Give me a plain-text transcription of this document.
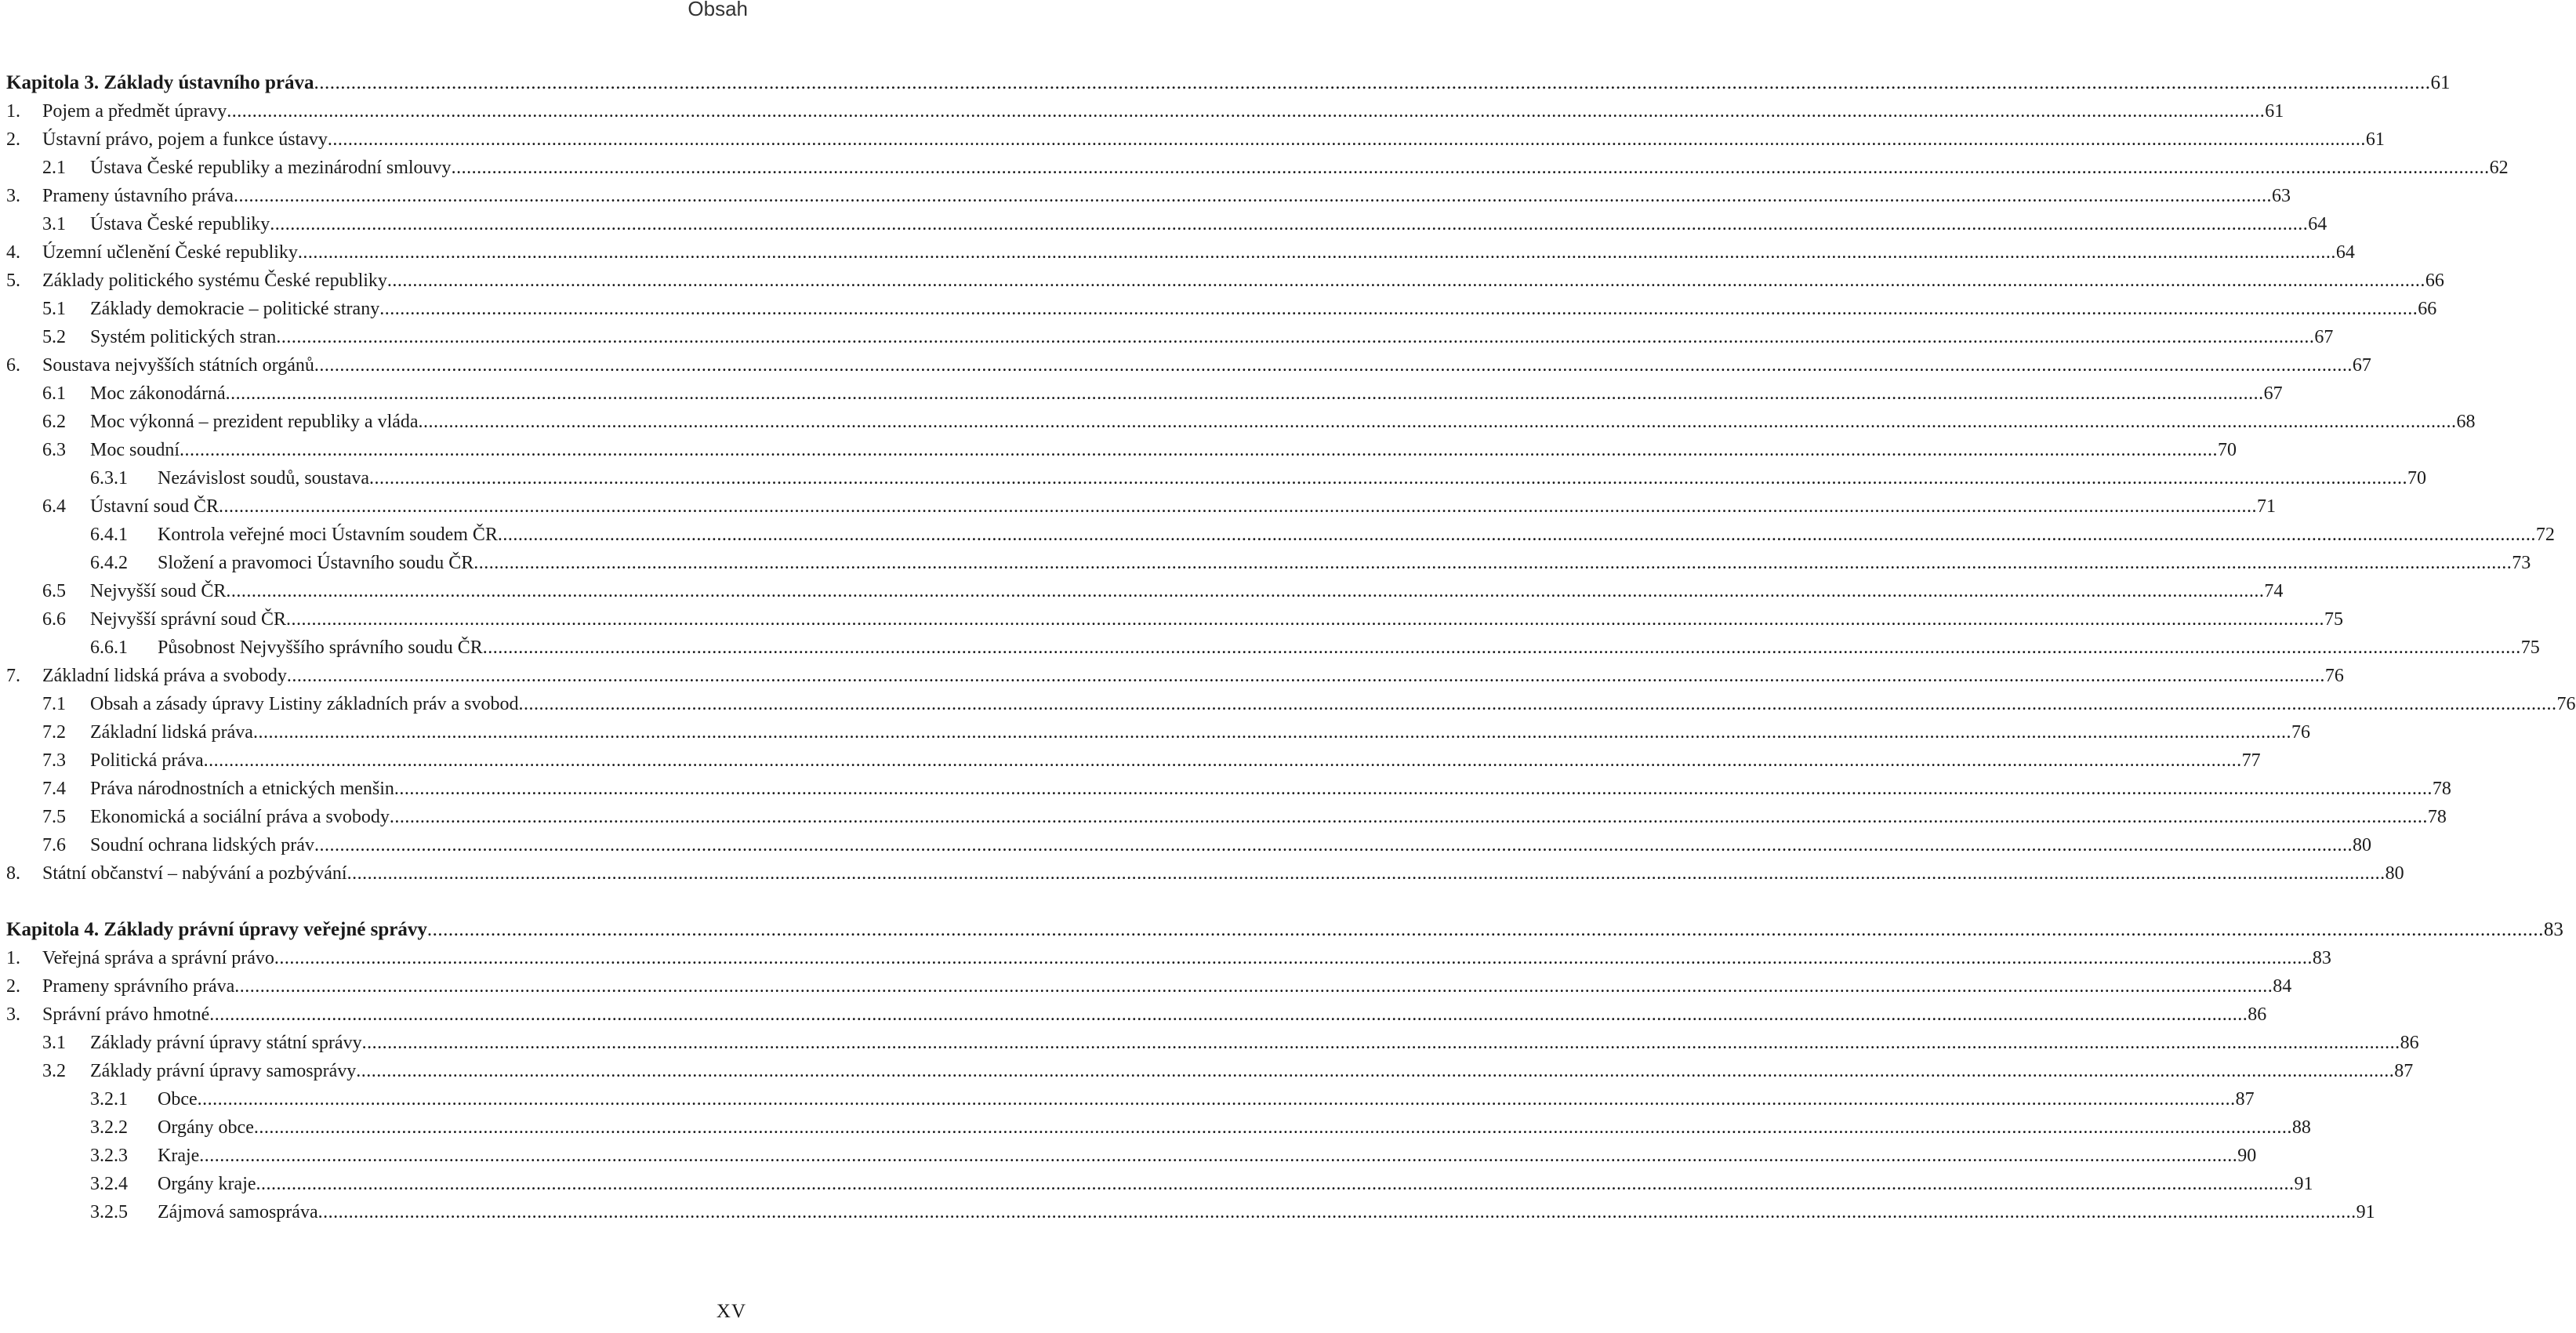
Obsah
Kapitola 3. Základy ústavního práva ................................................................................................................................................................................................................................................................................................................................................................................................................ 61
1. Pojem a předmět úpravy ................................................................................................................................................................................................................................................................................................................................................................................................................ 61
2. Ústavní právo, pojem a funkce ústavy ................................................................................................................................................................................................................................................................................................................................................................................................................ 61
2.1 Ústava České republiky a mezinárodní smlouvy ................................................................................................................................................................................................................................................................................................................................................................................................................ 62
3. Prameny ústavního práva ................................................................................................................................................................................................................................................................................................................................................................................................................ 63
3.1 Ústava České republiky ................................................................................................................................................................................................................................................................................................................................................................................................................ 64
4. Územní učlenění České republiky ................................................................................................................................................................................................................................................................................................................................................................................................................ 64
5. Základy politického systému České republiky ................................................................................................................................................................................................................................................................................................................................................................................................................ 66
5.1 Základy demokracie – politické strany ................................................................................................................................................................................................................................................................................................................................................................................................................ 66
5.2 Systém politických stran ................................................................................................................................................................................................................................................................................................................................................................................................................ 67
6. Soustava nejvyšších státních orgánů ................................................................................................................................................................................................................................................................................................................................................................................................................ 67
6.1 Moc zákonodárná ................................................................................................................................................................................................................................................................................................................................................................................................................ 67
6.2 Moc výkonná – prezident republiky a vláda ................................................................................................................................................................................................................................................................................................................................................................................................................ 68
6.3 Moc soudní ................................................................................................................................................................................................................................................................................................................................................................................................................ 70
6.3.1 Nezávislost soudů, soustava ................................................................................................................................................................................................................................................................................................................................................................................................................ 70
6.4 Ústavní soud ČR ................................................................................................................................................................................................................................................................................................................................................................................................................ 71
6.4.1 Kontrola veřejné moci Ústavním soudem ČR ................................................................................................................................................................................................................................................................................................................................................................................................................ 72
6.4.2 Složení a pravomoci Ústavního soudu ČR ................................................................................................................................................................................................................................................................................................................................................................................................................ 73
6.5 Nejvyšší soud ČR ................................................................................................................................................................................................................................................................................................................................................................................................................ 74
6.6 Nejvyšší správní soud ČR ................................................................................................................................................................................................................................................................................................................................................................................................................ 75
6.6.1 Působnost Nejvyššího správního soudu ČR ................................................................................................................................................................................................................................................................................................................................................................................................................ 75
7. Základní lidská práva a svobody ................................................................................................................................................................................................................................................................................................................................................................................................................ 76
7.1 Obsah a zásady úpravy Listiny základních práv a svobod ................................................................................................................................................................................................................................................................................................................................................................................................................ 76
7.2 Základní lidská práva ................................................................................................................................................................................................................................................................................................................................................................................................................ 76
7.3 Politická práva ................................................................................................................................................................................................................................................................................................................................................................................................................ 77
7.4 Práva národnostních a etnických menšin ................................................................................................................................................................................................................................................................................................................................................................................................................ 78
7.5 Ekonomická a sociální práva a svobody ................................................................................................................................................................................................................................................................................................................................................................................................................ 78
7.6 Soudní ochrana lidských práv ................................................................................................................................................................................................................................................................................................................................................................................................................ 80
8. Státní občanství – nabývání a pozbývání ................................................................................................................................................................................................................................................................................................................................................................................................................ 80
Kapitola 4. Základy právní úpravy veřejné správy ................................................................................................................................................................................................................................................................................................................................................................................................................ 83
1. Veřejná správa a správní právo ................................................................................................................................................................................................................................................................................................................................................................................................................ 83
2. Prameny správního práva ................................................................................................................................................................................................................................................................................................................................................................................................................ 84
3. Správní právo hmotné ................................................................................................................................................................................................................................................................................................................................................................................................................ 86
3.1 Základy právní úpravy státní správy ................................................................................................................................................................................................................................................................................................................................................................................................................ 86
3.2 Základy právní úpravy samosprávy ................................................................................................................................................................................................................................................................................................................................................................................................................ 87
3.2.1 Obce ................................................................................................................................................................................................................................................................................................................................................................................................................ 87
3.2.2 Orgány obce ................................................................................................................................................................................................................................................................................................................................................................................................................ 88
3.2.3 Kraje ................................................................................................................................................................................................................................................................................................................................................................................................................ 90
3.2.4 Orgány kraje ................................................................................................................................................................................................................................................................................................................................................................................................................ 91
3.2.5 Zájmová samospráva ................................................................................................................................................................................................................................................................................................................................................................................................................ 91
XV
